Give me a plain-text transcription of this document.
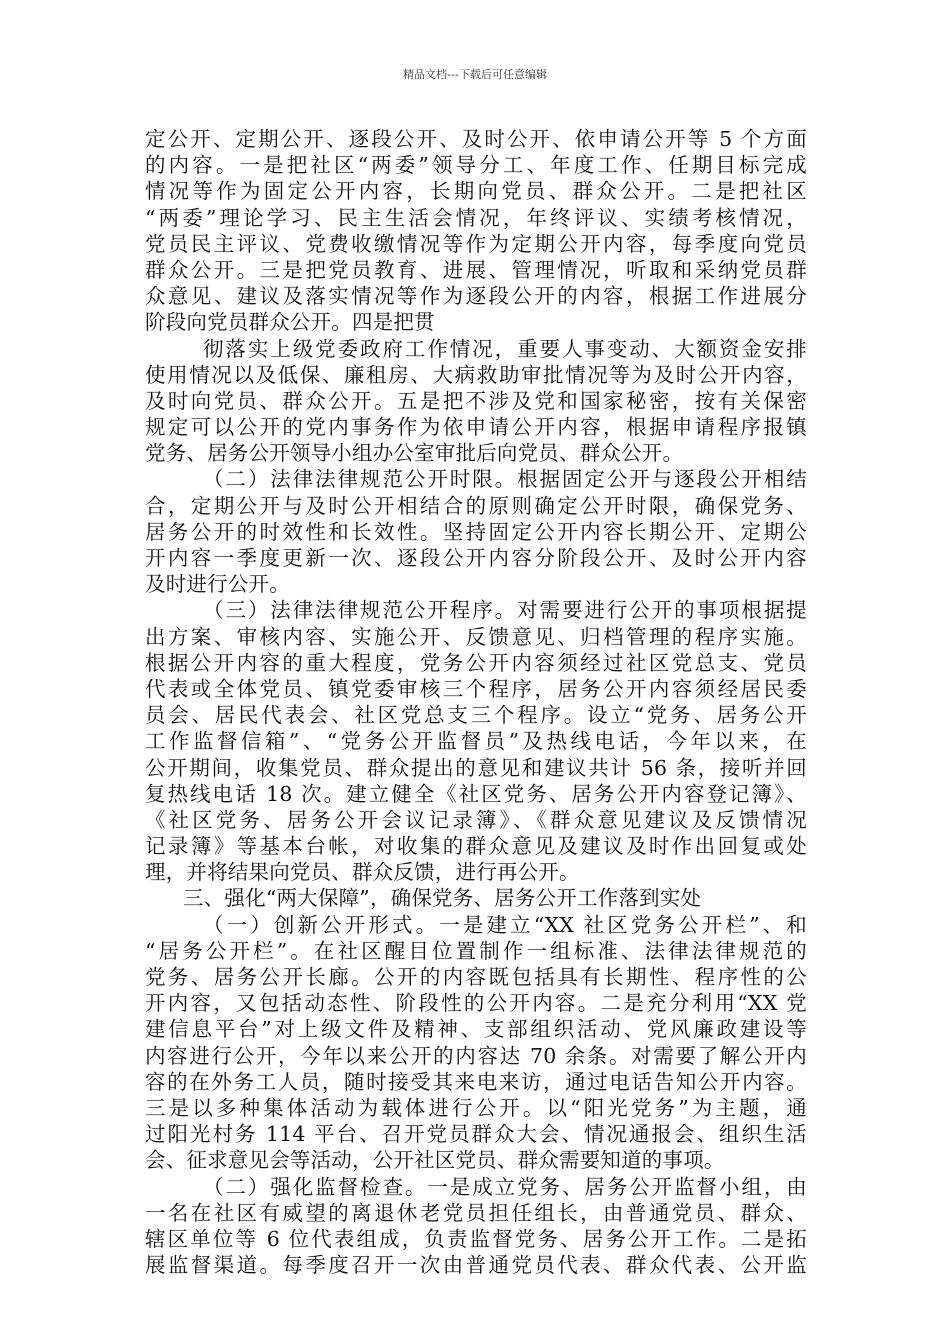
精品文档---下载后可任意编辑
定公开、定期公开、逐段公开、及时公开、依申请公开等 5 个方面
的内容。一是把社区“两委”领导分工、年度工作、任期目标完成
情况等作为固定公开内容，长期向党员、群众公开。二是把社区
“两委”理论学习、民主生活会情况，年终评议、实绩考核情况，
党员民主评议、党费收缴情况等作为定期公开内容，每季度向党员
群众公开。三是把党员教育、进展、管理情况，听取和采纳党员群
众意见、建议及落实情况等作为逐段公开的内容，根据工作进展分
阶段向党员群众公开。四是把贯
彻落实上级党委政府工作情况，重要人事变动、大额资金安排
使用情况以及低保、廉租房、大病救助审批情况等为及时公开内容，
及时向党员、群众公开。五是把不涉及党和国家秘密，按有关保密
规定可以公开的党内事务作为依申请公开内容，根据申请程序报镇
党务、居务公开领导小组办公室审批后向党员、群众公开。
（二）法律法律规范公开时限。根据固定公开与逐段公开相结
合，定期公开与及时公开相结合的原则确定公开时限，确保党务、
居务公开的时效性和长效性。坚持固定公开内容长期公开、定期公
开内容一季度更新一次、逐段公开内容分阶段公开、及时公开内容
及时进行公开。
（三）法律法律规范公开程序。对需要进行公开的事项根据提
出方案、审核内容、实施公开、反馈意见、归档管理的程序实施。
根据公开内容的重大程度，党务公开内容须经过社区党总支、党员
代表或全体党员、镇党委审核三个程序，居务公开内容须经居民委
员会、居民代表会、社区党总支三个程序。设立“党务、居务公开
工作监督信箱”、“党务公开监督员”及热线电话，今年以来，在
公开期间，收集党员、群众提出的意见和建议共计 56 条，接听并回
复热线电话 18 次。建立健全《社区党务、居务公开内容登记簿》、
《社区党务、居务公开会议记录簿》、《群众意见建议及反馈情况
记录簿》等基本台帐，对收集的群众意见及建议及时作出回复或处
理，并将结果向党员、群众反馈，进行再公开。
三、强化“两大保障”，确保党务、居务公开工作落到实处
（一）创新公开形式。一是建立“XX 社区党务公开栏”、和
“居务公开栏”。在社区醒目位置制作一组标准、法律法律规范的
党务、居务公开长廊。公开的内容既包括具有长期性、程序性的公
开内容，又包括动态性、阶段性的公开内容。二是充分利用“XX 党
建信息平台”对上级文件及精神、支部组织活动、党风廉政建设等
内容进行公开，今年以来公开的内容达 70 余条。对需要了解公开内
容的在外务工人员，随时接受其来电来访，通过电话告知公开内容。
三是以多种集体活动为载体进行公开。以“阳光党务”为主题，通
过阳光村务 114 平台、召开党员群众大会、情况通报会、组织生活
会、征求意见会等活动，公开社区党员、群众需要知道的事项。
（二）强化监督检查。一是成立党务、居务公开监督小组，由
一名在社区有威望的离退休老党员担任组长，由普通党员、群众、
辖区单位等 6 位代表组成，负责监督党务、居务公开工作。二是拓
展监督渠道。每季度召开一次由普通党员代表、群众代表、公开监
